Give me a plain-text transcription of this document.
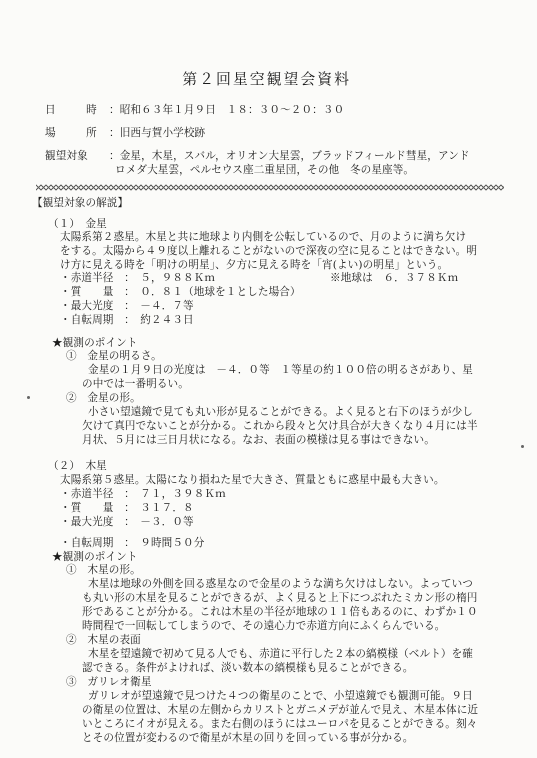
第２回星空観望会資料
日　時 ：昭和６３年１月９日　１８：３０～２０：３０
場　所 ：旧西与賀小学校跡
観望対象 ：金星，木星，スバル，オリオン大星雲，ブラッドフィールド彗星，アンド
ロメダ大星雲，ペルセウス座二重星団，その他　冬の星座等。
【観望対象の解説】
（１）　金星
太陽系第２惑星。木星と共に地球より内側を公転しているので、月のように満ち欠け
をする。太陽から４９度以上離れることがないので深夜の空に見ることはできない。明
け方に見える時を「明けの明星」、夕方に見える時を「宵(よい)の明星」という。
・赤道半径　：　５，９８８Ｋｍ	※地球は　６．３７８Ｋｍ
・質　　量　：　０．８１（地球を１とした場合）
・最大光度　：　－４．７等
・自転周期　：　約２４３日
★観測のポイント
①　金星の明るさ。
金星の１月９日の光度は　－４．０等　１等星の約１００倍の明るさがあり、星
の中では一番明るい。
②　金星の形。
小さい望遠鏡で見ても丸い形が見ることができる。よく見ると右下のほうが少し
欠けて真円でないことが分かる。これから段々と欠け具合が大きくなり４月には半
月状、５月には三日月状になる。なお、表面の模様は見る事はできない。
（２）　木星
太陽系第５惑星。太陽になり損ねた星で大きさ、質量ともに惑星中最も大きい。
・赤道半径　：　７１，３９８Ｋｍ
・質　　量　：　３１７．８
・最大光度　：　－３．０等
・自転周期　：　９時間５０分
★観測のポイント
①　木星の形。
木星は地球の外側を回る惑星なので金星のような満ち欠けはしない。よっていつ
も丸い形の木星を見ることができるが、よく見ると上下につぶれたミカン形の楕円
形であることが分かる。これは木星の半径が地球の１１倍もあるのに、わずか１０
時間程で一回転してしまうので、その遠心力で赤道方向にふくらんでいる。
②　木星の表面
木星を望遠鏡で初めて見る人でも、赤道に平行した２本の縞模様（ベルト）を確
認できる。条件がよければ、淡い数本の縞模様も見ることができる。
③　ガリレオ衛星
ガリレオが望遠鏡で見つけた４つの衛星のことで、小望遠鏡でも観測可能。９日
の衛星の位置は、木星の左側からカリストとガニメデが並んで見え、木星本体に近
いところにイオが見える。また右側のほうにはユーロパを見ることができる。刻々
とその位置が変わるので衛星が木星の回りを回っている事が分かる。
